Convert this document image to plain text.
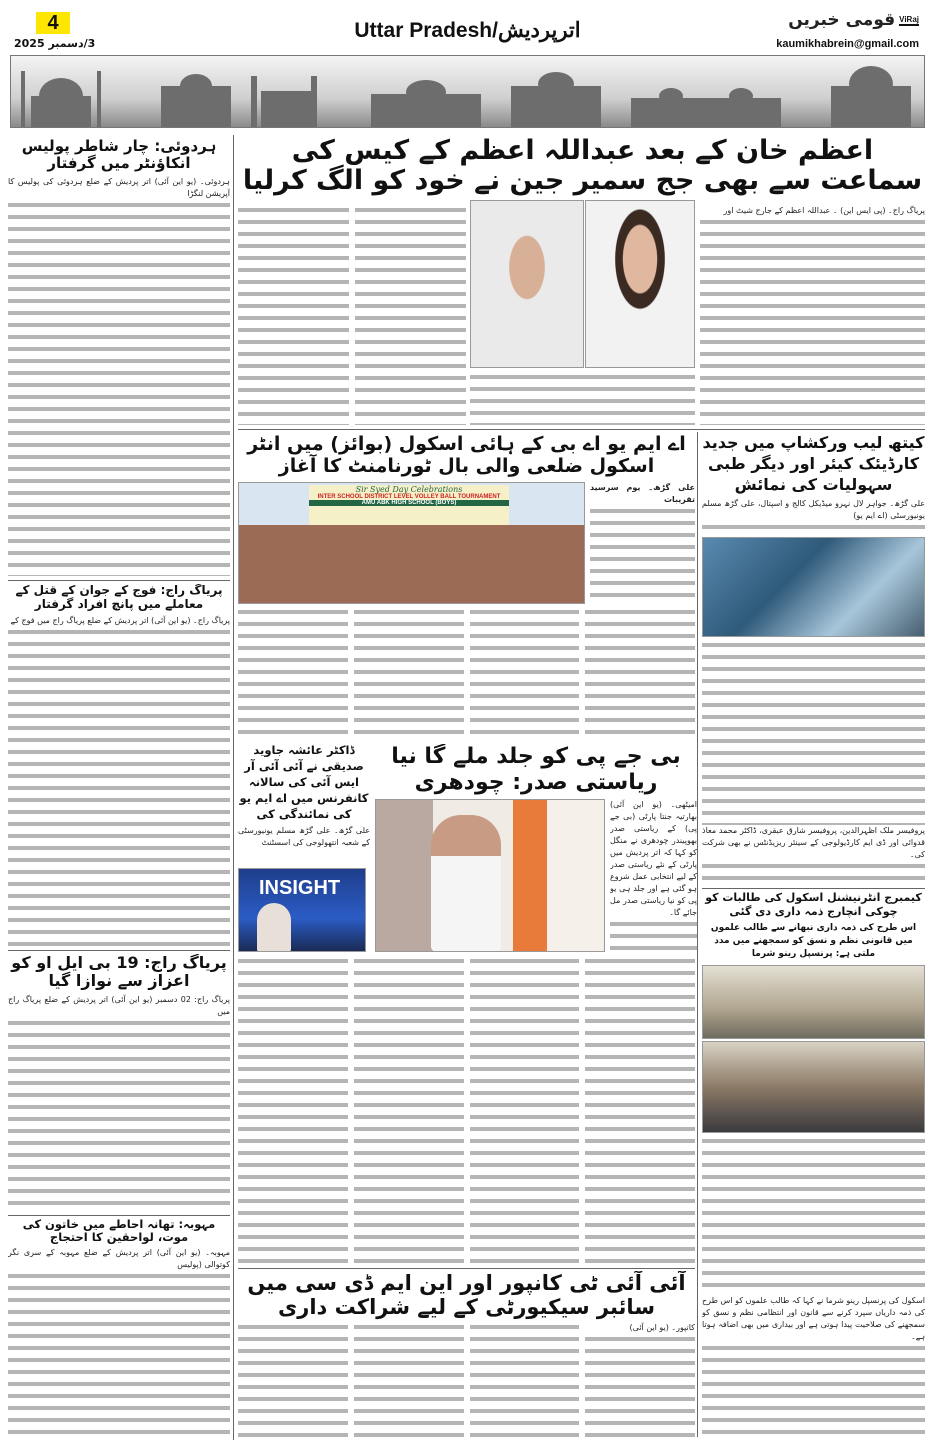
4
3/دسمبر 2025
Uttar Pradesh/اترپردیش	قومی خبریں ViRaj
kaumikhabrein@gmail.com
ہردوئی: چار شاطر پولیس انکاؤنٹر میں گرفتار

ہردوئی۔ (یو این آئی) اتر پردیش کے ضلع ہردوئی کی پولیس کا آپریشن لنگڑا

پریاگ راج: فوج کے جوان کے قتل کے معاملے میں پانچ افراد گرفتار

پریاگ راج۔ (یو این آئی) اتر پردیش کے ضلع پریاگ راج میں فوج کے

پریاگ راج: 19 بی ایل او کو اعزاز سے نوازا گیا

پریاگ راج: 02 دسمبر (یو این آئی) اتر پردیش کے ضلع پریاگ راج میں

مہوبہ: تھانہ احاطے میں خاتون کی موت، لواحقین کا احتجاج

مہوبہ۔ (یو این آئی) اتر پردیش کے ضلع مہوبہ کے سری نگر کوتوالی (پولیس

اعظم خان کے بعد عبداللہ اعظم کے کیس کی سماعت سے بھی جج سمیر جین نے خود کو الگ کرلیا

پریاگ راج۔ (پی ایس این) ۔ عبداللہ اعظم کے جارج شیٹ اور

اے ایم یو اے بی کے ہائی اسکول (بوائز) میں انٹر اسکول ضلعی والی بال ٹورنامنٹ کا آغاز
Sir Syed Day Celebrations
INTER SCHOOL DISTRICT LEVEL VOLLEY BALL TOURNAMENT
AMU ABK HIGH SCHOOL (BOYS)

علی گڑھ۔ یوم سرسید تقریبات

کیتھ لیب ورکشاپ میں جدید کارڈیئک کیئر اور دیگر طبی سہولیات کی نمائش

علی گڑھ۔ جواہر لال نہرو میڈیکل کالج و اسپتال، علی گڑھ مسلم یونیورسٹی (اے ایم یو)

پروفیسر ملک اظہرالدین، پروفیسر شارق عبقری، ڈاکٹر محمد معاذ قدوائی اور ڈی ایم کارڈیولوجی کے سینئر ریزیڈنٹس نے بھی شرکت کی۔

ڈاکٹر عائشہ جاوید صدیقی نے آئی آئی آر ایس آئی کی سالانہ کانفرنس میں اے ایم یو کی نمائندگی کی

علی گڑھ۔ علی گڑھ مسلم یونیورسٹی کے شعبہ انتھولوجی کی اسسٹنٹ

INSIGHT
بی جے پی کو جلد ملے گا نیا ریاستی صدر: چودھری

امیٹھی۔ (یو این آئی) بھارتیہ جنتا پارٹی (بی جے پی) کے ریاستی صدر بھوپیندر چودھری نے منگل کو کہا کہ اتر پردیش میں پارٹی کے نئے ریاستی صدر کے لیے انتخابی عمل شروع ہو گئی ہے اور جلد ہی یو پی کو نیا ریاستی صدر مل جائے گا۔

کیمبرج انٹرنیشنل اسکول کی طالبات کو چوکی انچارج ذمہ داری دی گئی
اس طرح کی ذمہ داری نبھانے سے طالب علموں میں قانونی نظم و نسق کو سمجھنے میں مدد ملتی ہے: پرنسپل رینو شرما

اسکول کی پرنسپل رینو شرما نے کہا کہ طالب علموں کو اس طرح کی ذمہ داریاں سپرد کرنے سے قانون اور انتظامی نظم و نسق کو سمجھنے کی صلاحیت پیدا ہوتی ہے اور بیداری میں بھی اضافہ ہوتا ہے۔

آئی آئی ٹی کانپور اور این ایم ڈی سی میں سائبر سیکیورٹی کے لیے شراکت داری

کانپور۔ (یو این آئی)
